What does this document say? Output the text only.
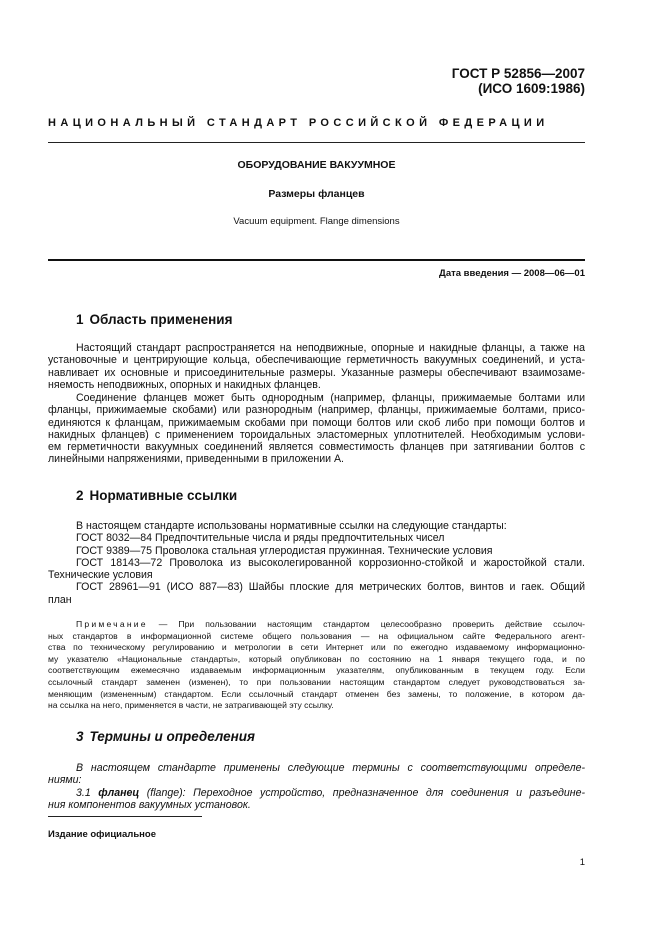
ГОСТ Р 52856—2007
(ИСО 1609:1986)
НАЦИОНАЛЬНЫЙ СТАНДАРТ РОССИЙСКОЙ ФЕДЕРАЦИИ
ОБОРУДОВАНИЕ ВАКУУМНОЕ
Размеры фланцев
Vacuum equipment. Flange dimensions
Дата введения — 2008—06—01
1 Область применения
Настоящий стандарт распространяется на неподвижные, опорные и накидные фланцы, а также на
установочные и центрирующие кольца, обеспечивающие герметичность вакуумных соединений, и уста-
навливает их основные и присоединительные размеры. Указанные размеры обеспечивают взаимозаме-
няемость неподвижных, опорных и накидных фланцев.
Соединение фланцев может быть однородным (например, фланцы, прижимаемые болтами или
фланцы, прижимаемые скобами) или разнородным (например, фланцы, прижимаемые болтами, присо-
единяются к фланцам, прижимаемым скобами при помощи болтов или скоб либо при помощи болтов и
накидных фланцев) с применением тороидальных эластомерных уплотнителей. Необходимым услови-
ем герметичности вакуумных соединений является совместимость фланцев при затягивании болтов с
линейными напряжениями, приведенными в приложении А.
2 Нормативные ссылки
В настоящем стандарте использованы нормативные ссылки на следующие стандарты:
ГОСТ 8032—84 Предпочтительные числа и ряды предпочтительных чисел
ГОСТ 9389—75 Проволока стальная углеродистая пружинная. Технические условия
ГОСТ 18143—72 Проволока из высоколегированной коррозионно-стойкой и жаростойкой стали.
Технические условия
ГОСТ 28961—91 (ИСО 887—83) Шайбы плоские для метрических болтов, винтов и гаек. Общий
план
Примечание — При пользовании настоящим стандартом целесообразно проверить действие ссылоч-
ных стандартов в информационной системе общего пользования — на официальном сайте Федерального агент-
ства по техническому регулированию и метрологии в сети Интернет или по ежегодно издаваемому информационно-
му указателю «Национальные стандарты», который опубликован по состоянию на 1 января текущего года, и по
соответствующим ежемесячно издаваемым информационным указателям, опубликованным в текущем году. Если
ссылочный стандарт заменен (изменен), то при пользовании настоящим стандартом следует руководствоваться за-
меняющим (измененным) стандартом. Если ссылочный стандарт отменен без замены, то положение, в котором да-
на ссылка на него, применяется в части, не затрагивающей эту ссылку.
3 Термины и определения
В настоящем стандарте применены следующие термины с соответствующими определе-
ниями:
3.1 фланец (flange): Переходное устройство, предназначенное для соединения и разъедине-
ния компонентов вакуумных установок.
Издание официальное
1
